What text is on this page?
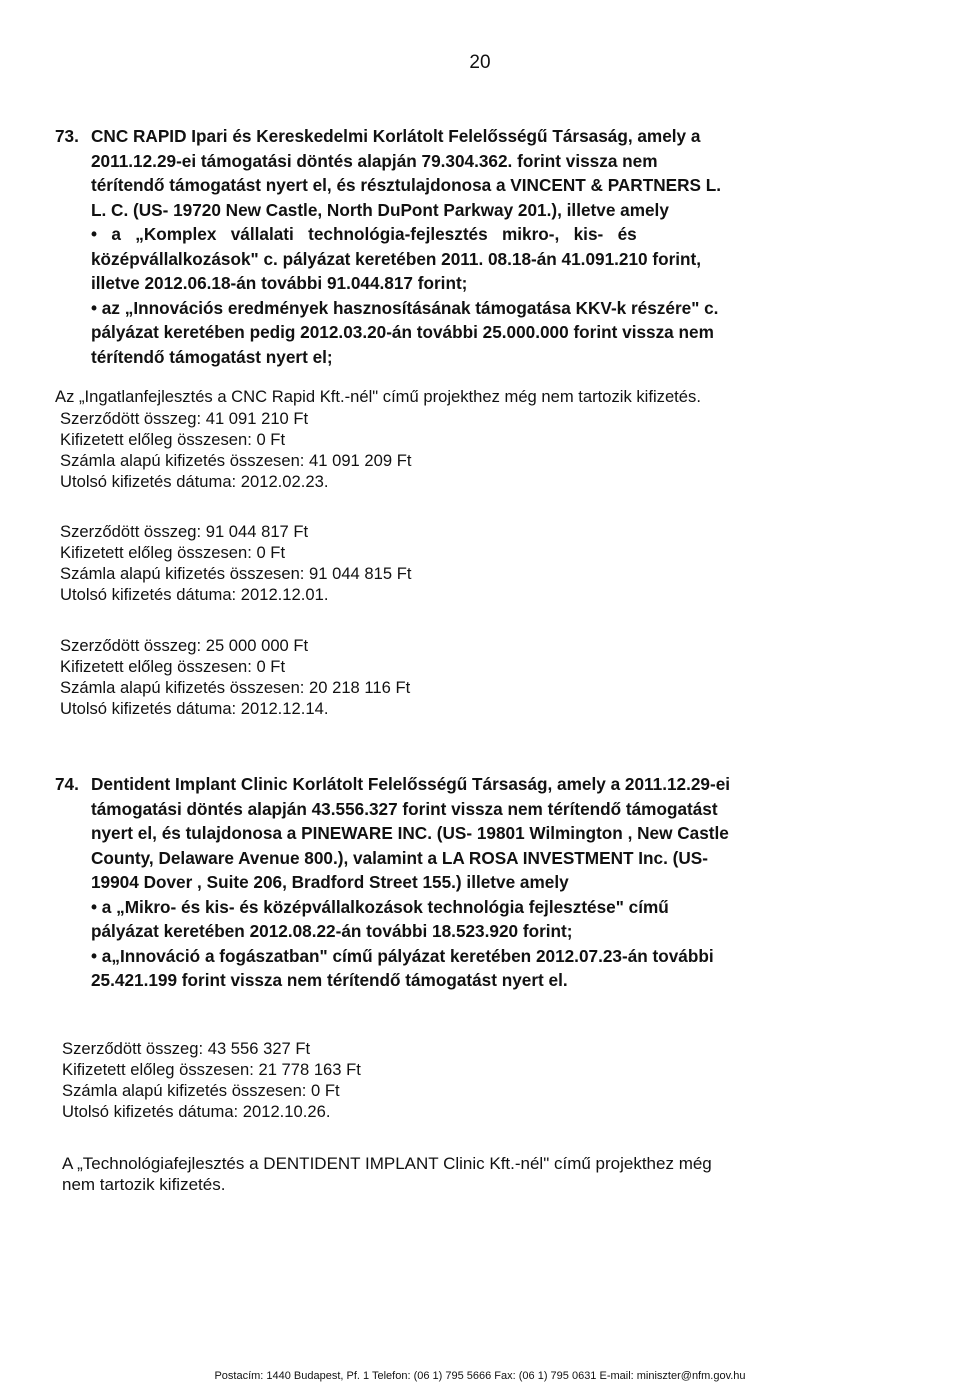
20
73. CNC RAPID Ipari és Kereskedelmi Korlátolt Felelősségű Társaság, amely a
2011.12.29-ei támogatási döntés alapján 79.304.362. forint vissza nem
térítendő támogatást nyert el, és résztulajdonosa a VINCENT & PARTNERS L.
L. C. (US- 19720 New Castle, North DuPont Parkway 201.), illetve amely
•   a   „Komplex   vállalati   technológia-fejlesztés   mikro-,   kis-   és
középvállalkozások" c. pályázat keretében 2011. 08.18-án 41.091.210 forint,
illetve 2012.06.18-án további 91.044.817 forint;
• az „Innovációs eredmények hasznosításának támogatása KKV-k részére" c.
pályázat keretében pedig 2012.03.20-án további 25.000.000 forint vissza nem
térítendő támogatást nyert el;
Az „Ingatlanfejlesztés a CNC Rapid Kft.-nél" című projekthez még nem tartozik kifizetés.
Szerződött összeg: 41 091 210 Ft
Kifizetett előleg összesen: 0 Ft
Számla alapú kifizetés összesen: 41 091 209 Ft
Utolsó kifizetés dátuma: 2012.02.23.
Szerződött összeg: 91 044 817 Ft
Kifizetett előleg összesen: 0 Ft
Számla alapú kifizetés összesen: 91 044 815 Ft
Utolsó kifizetés dátuma: 2012.12.01.
Szerződött összeg: 25 000 000 Ft
Kifizetett előleg összesen: 0 Ft
Számla alapú kifizetés összesen: 20 218 116 Ft
Utolsó kifizetés dátuma: 2012.12.14.
74. Dentident Implant Clinic Korlátolt Felelősségű Társaság, amely a 2011.12.29-ei
támogatási döntés alapján 43.556.327 forint vissza nem térítendő támogatást
nyert el, és tulajdonosa a PINEWARE INC. (US- 19801 Wilmington , New Castle
County, Delaware Avenue 800.), valamint a LA ROSA INVESTMENT Inc. (US-
19904 Dover , Suite 206, Bradford Street 155.) illetve amely
• a „Mikro- és kis- és középvállalkozások technológia fejlesztése" című
pályázat keretében 2012.08.22-án további 18.523.920 forint;
• a„Innováció a fogászatban" című pályázat keretében 2012.07.23-án további
25.421.199 forint vissza nem térítendő támogatást nyert el.
Szerződött összeg: 43 556 327 Ft
Kifizetett előleg összesen: 21 778 163 Ft
Számla alapú kifizetés összesen: 0 Ft
Utolsó kifizetés dátuma: 2012.10.26.
A „Technológiafejlesztés a DENTIDENT IMPLANT Clinic Kft.-nél" című projekthez még
nem tartozik kifizetés.
Postacím: 1440 Budapest, Pf. 1 Telefon: (06 1) 795 5666 Fax: (06 1) 795 0631 E-mail: miniszter@nfm.gov.hu
